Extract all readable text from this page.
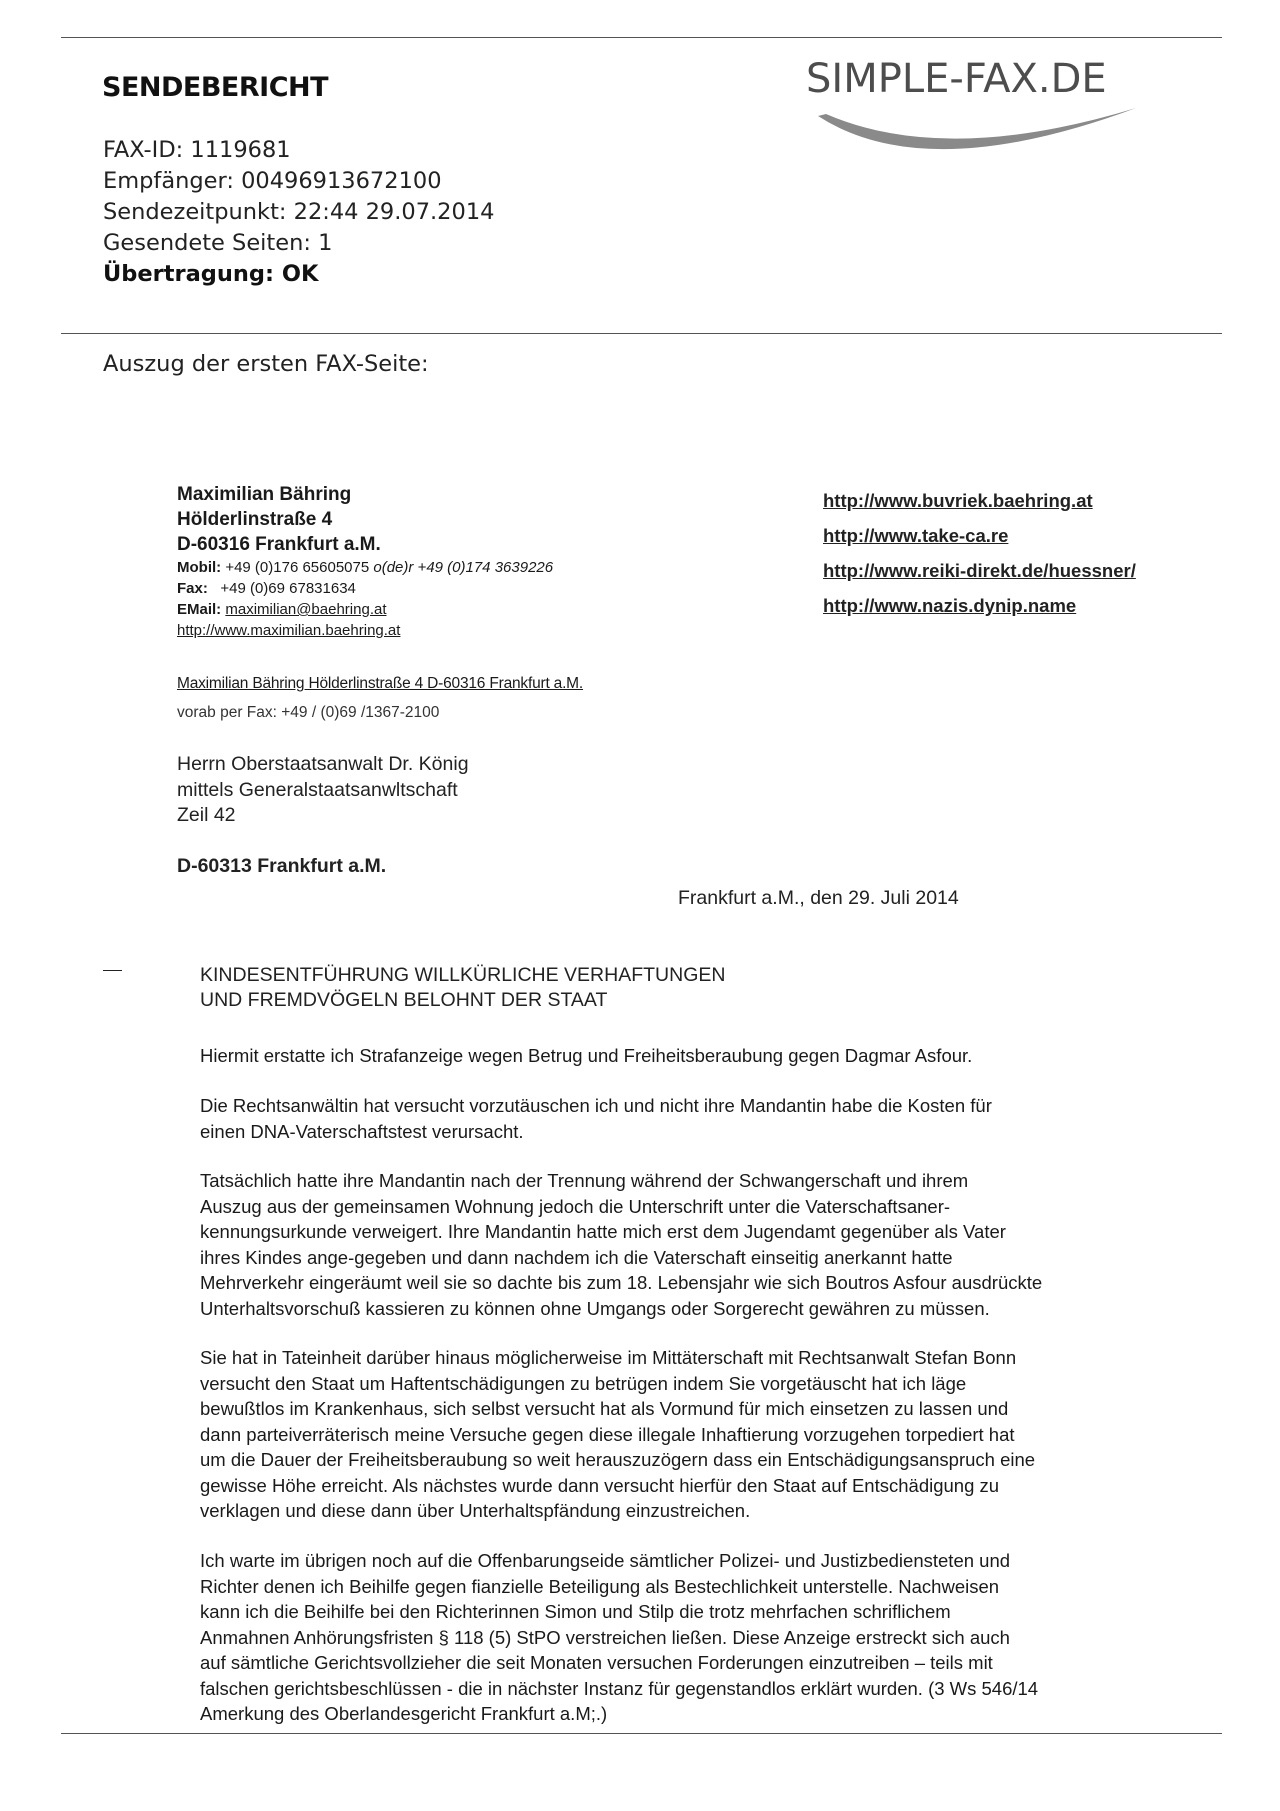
SENDEBERICHT	SIMPLE-FAX.DE
FAX-ID: 1119681
Empfänger: 00496913672100
Sendezeitpunkt: 22:44 29.07.2014
Gesendete Seiten: 1
Übertragung: OK
Auszug der ersten FAX-Seite:
Maximilian Bähring
Hölderlinstraße 4
D-60316 Frankfurt a.M.
Mobil: +49 (0)176 65605075 o(de)r +49 (0)174 3639226
Fax:   +49 (0)69 67831634
EMail: maximilian@baehring.at
http://www.maximilian.baehring.at
http://www.buvriek.baehring.at
http://www.take-ca.re
http://www.reiki-direkt.de/huessner/
http://www.nazis.dynip.name
Maximilian Bähring Hölderlinstraße 4 D-60316 Frankfurt a.M.
vorab per Fax: +49 / (0)69 /1367-2100
Herrn Oberstaatsanwalt Dr. König
mittels Generalstaatsanwltschaft
Zeil 42
D-60313 Frankfurt a.M.
Frankfurt a.M., den 29. Juli 2014
KINDESENTFÜHRUNG WILLKÜRLICHE VERHAFTUNGEN
UND FREMDVÖGELN BELOHNT DER STAAT
Hiermit erstatte ich Strafanzeige wegen Betrug und Freiheitsberaubung gegen Dagmar Asfour.
Die Rechtsanwältin hat versucht vorzutäuschen ich und nicht ihre Mandantin habe die Kosten für
einen DNA-Vaterschaftstest verursacht.
Tatsächlich hatte ihre Mandantin nach der Trennung während der Schwangerschaft und ihrem
Auszug aus der gemeinsamen Wohnung jedoch die Unterschrift unter die Vaterschaftsaner-
kennungsurkunde verweigert. Ihre Mandantin hatte mich erst dem Jugendamt gegenüber als Vater
ihres Kindes ange-gegeben und dann nachdem ich die Vaterschaft einseitig anerkannt hatte
Mehrverkehr eingeräumt weil sie so dachte bis zum 18. Lebensjahr wie sich Boutros Asfour ausdrückte
Unterhaltsvorschuß kassieren zu können ohne Umgangs oder Sorgerecht gewähren zu müssen.
Sie hat in Tateinheit darüber hinaus möglicherweise im Mittäterschaft mit Rechtsanwalt Stefan Bonn
versucht den Staat um Haftentschädigungen zu betrügen indem Sie vorgetäuscht hat ich läge
bewußtlos im Krankenhaus, sich selbst versucht hat als Vormund für mich einsetzen zu lassen und
dann parteiverräterisch meine Versuche gegen diese illegale Inhaftierung vorzugehen torpediert hat
um die Dauer der Freiheitsberaubung so weit herauszuzögern dass ein Entschädigungsanspruch eine
gewisse Höhe erreicht. Als nächstes wurde dann versucht hierfür den Staat auf Entschädigung zu
verklagen und diese dann über Unterhaltspfändung einzustreichen.
Ich warte im übrigen noch auf die Offenbarungseide sämtlicher Polizei- und Justizbediensteten und
Richter denen ich Beihilfe gegen fianzielle Beteiligung als Bestechlichkeit unterstelle. Nachweisen
kann ich die Beihilfe bei den Richterinnen Simon und Stilp die trotz mehrfachen schriflichem
Anmahnen Anhörungsfristen § 118 (5) StPO verstreichen ließen. Diese Anzeige erstreckt sich auch
auf sämtliche Gerichtsvollzieher die seit Monaten versuchen Forderungen einzutreiben – teils mit
falschen gerichtsbeschlüssen - die in nächster Instanz für gegenstandlos erklärt wurden. (3 Ws 546/14
Amerkung des Oberlandesgericht Frankfurt a.M;.)
